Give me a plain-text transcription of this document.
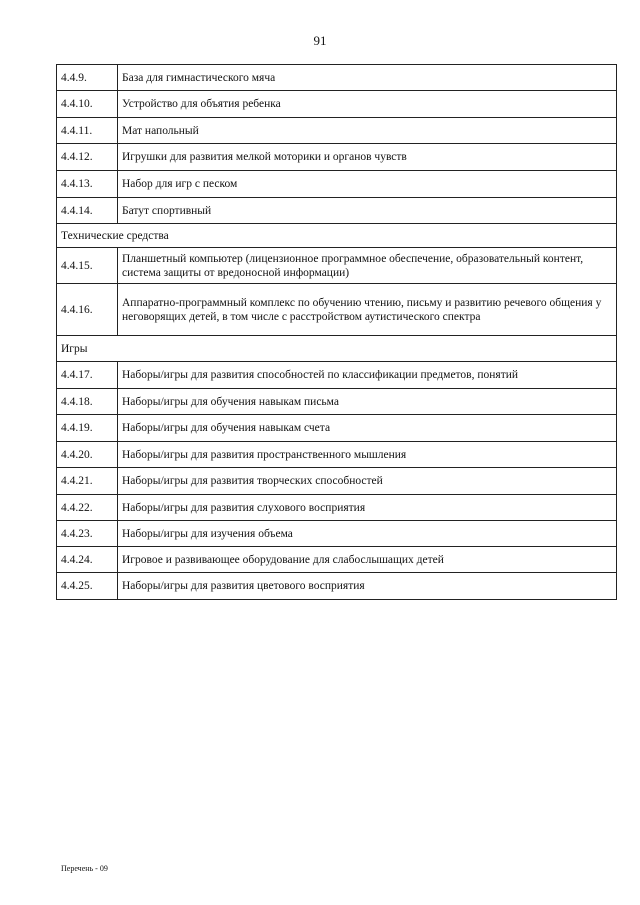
91
4.4.9.	База для гимнастического мяча
4.4.10.	Устройство для объятия ребенка
4.4.11.	Мат напольный
4.4.12.	Игрушки для развития мелкой моторики и органов чувств
4.4.13.	Набор для игр с песком
4.4.14.	Батут спортивный
Технические средства	
4.4.15.	Планшетный компьютер (лицензионное программное обеспечение, образовательный контент, система защиты от вредоносной информации)
4.4.16.	Аппаратно-программный комплекс по обучению чтению, письму и развитию речевого общения у неговорящих детей, в том числе с расстройством аутистического спектра
Игры	
4.4.17.	Наборы/игры для развития способностей по классификации предметов, понятий
4.4.18.	Наборы/игры для обучения навыкам письма
4.4.19.	Наборы/игры для обучения навыкам счета
4.4.20.	Наборы/игры для развития пространственного мышления
4.4.21.	Наборы/игры для развития творческих способностей
4.4.22.	Наборы/игры для развития слухового восприятия
4.4.23.	Наборы/игры для изучения объема
4.4.24.	Игровое и развивающее оборудование для слабослышащих детей
4.4.25.	Наборы/игры для развития цветового восприятия
Перечень - 09
